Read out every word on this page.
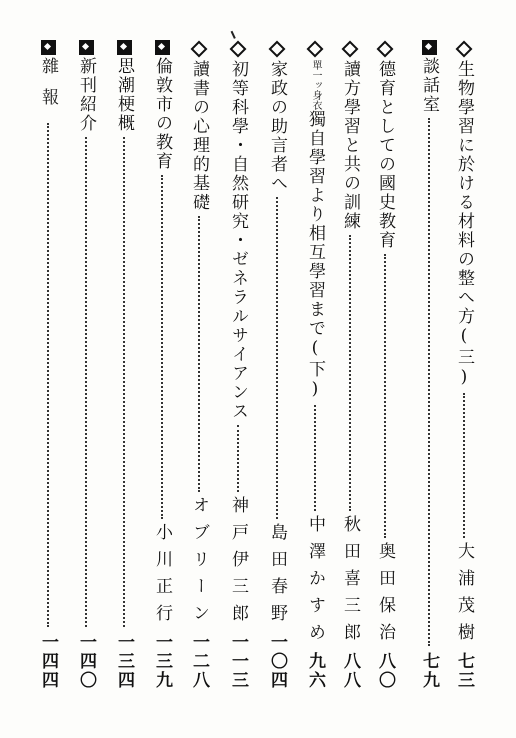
生物學習に於ける材料の整へ方(三)
大浦茂樹
七三
談話室
七九
德育としての國史教育
奥田保治
八〇
讀方學習と共の訓練
秋田喜三郎
八八
單一ッ身衣
獨自學習より相互學習まで(下)
中澤かすめ
九六
家政の助言者へ
島田春野
一〇四
初等科學・自然研究・ゼネラルサイアンス
神戸伊三郎
一一三
讀書の心理的基礎
オブリーン
一二八
倫敦市の教育
小川正行
一三九
思潮梗概
一三四
新刊紹介
一四〇
雜報
一四四
